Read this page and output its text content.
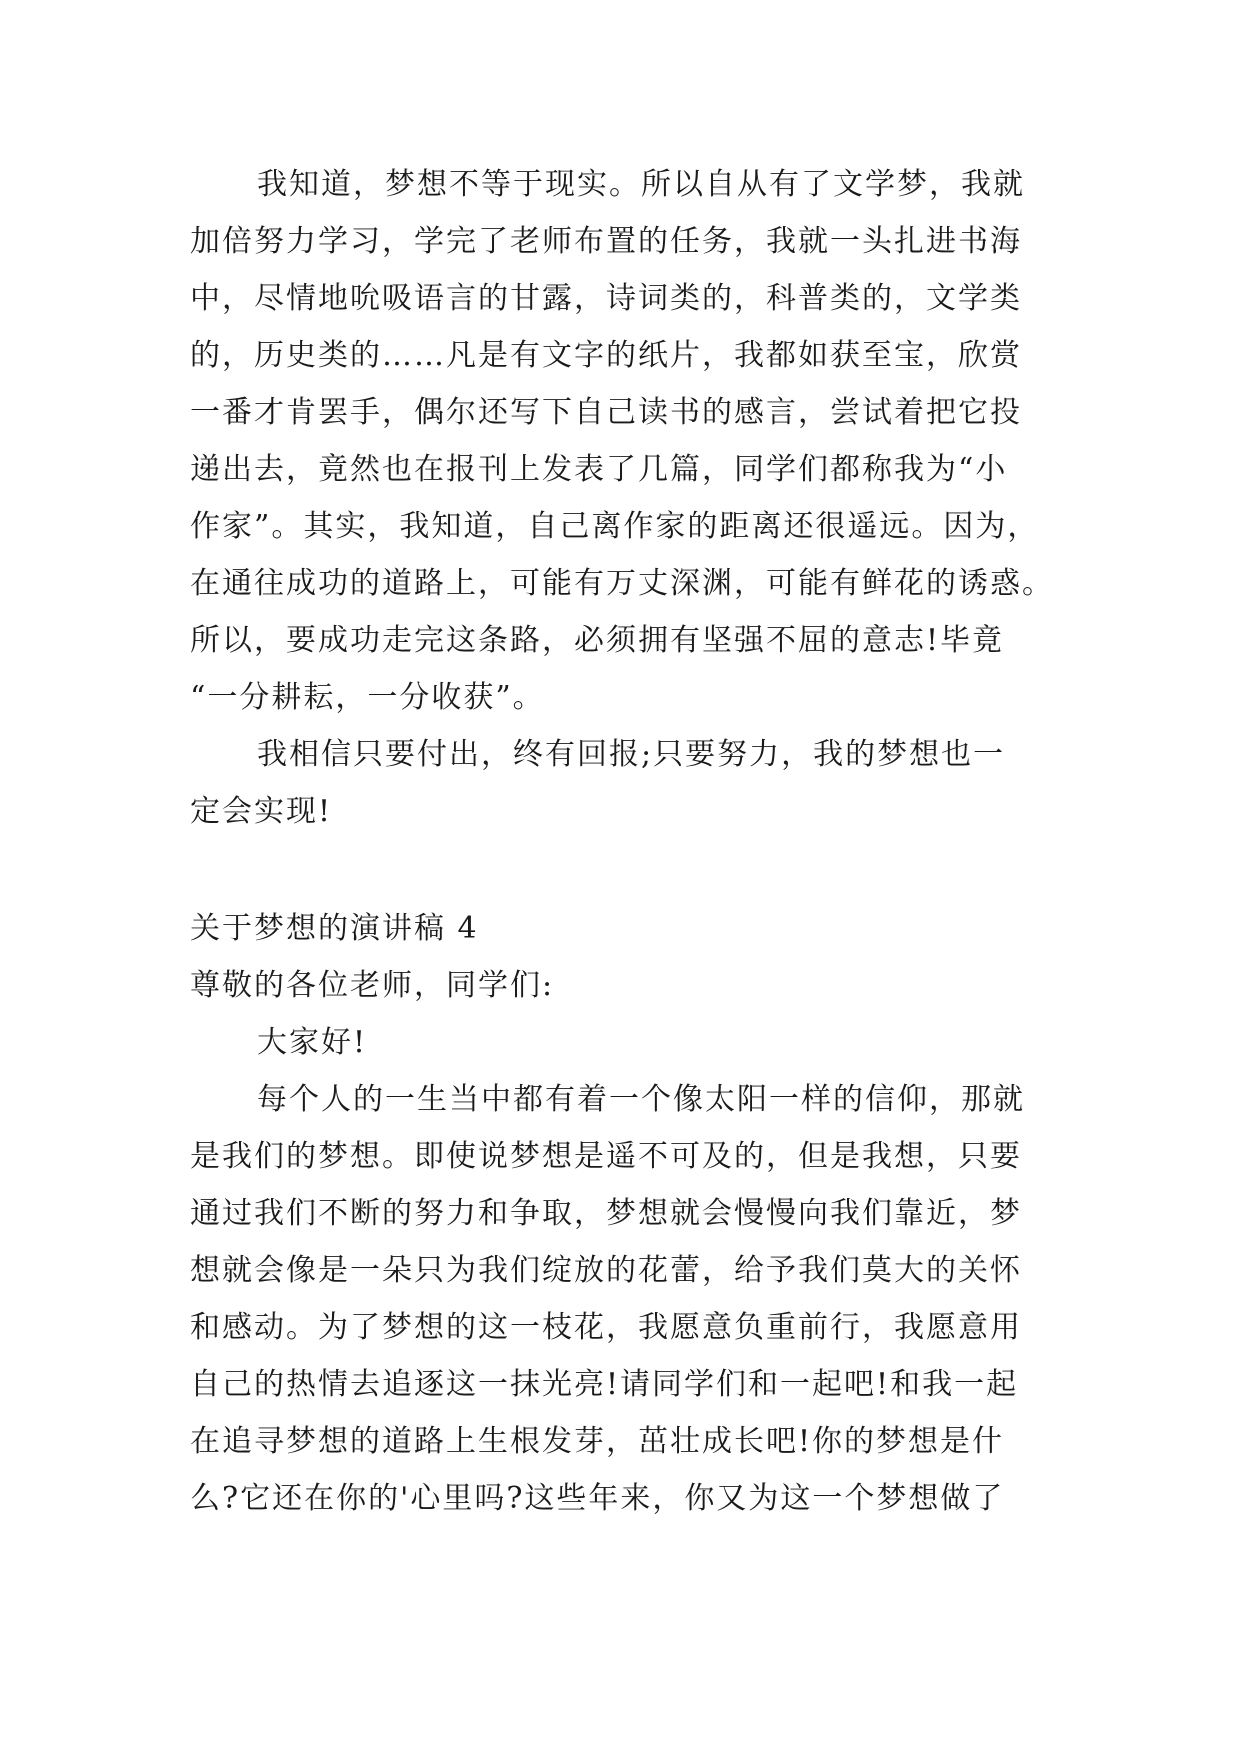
我知道，梦想不等于现实。所以自从有了文学梦，我就
加倍努力学习，学完了老师布置的任务，我就一头扎进书海
中，尽情地吮吸语言的甘露，诗词类的，科普类的，文学类
的，历史类的……凡是有文字的纸片，我都如获至宝，欣赏
一番才肯罢手，偶尔还写下自己读书的感言，尝试着把它投
递出去，竟然也在报刊上发表了几篇，同学们都称我为“小
作家”。其实，我知道，自己离作家的距离还很遥远。因为，
在通往成功的道路上，可能有万丈深渊，可能有鲜花的诱惑。
所以，要成功走完这条路，必须拥有坚强不屈的意志!毕竟
“一分耕耘，一分收获”。
我相信只要付出，终有回报;只要努力，我的梦想也一
定会实现!
关于梦想的演讲稿 4
尊敬的各位老师，同学们:
大家好!
每个人的一生当中都有着一个像太阳一样的信仰，那就
是我们的梦想。即使说梦想是遥不可及的，但是我想，只要
通过我们不断的努力和争取，梦想就会慢慢向我们靠近，梦
想就会像是一朵只为我们绽放的花蕾，给予我们莫大的关怀
和感动。为了梦想的这一枝花，我愿意负重前行，我愿意用
自己的热情去追逐这一抹光亮!请同学们和一起吧!和我一起
在追寻梦想的道路上生根发芽，茁壮成长吧!你的梦想是什
么?它还在你的'心里吗?这些年来，你又为这一个梦想做了
